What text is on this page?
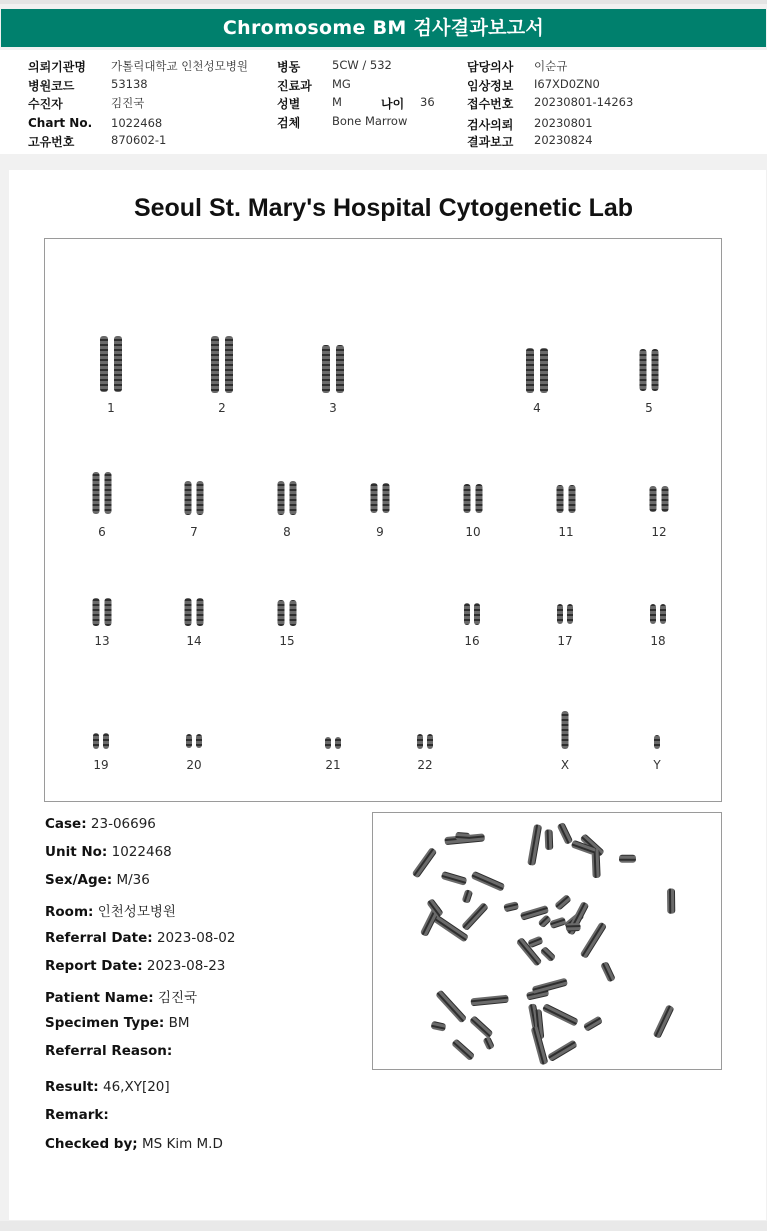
Chromosome BM 검사결과보고서
의뢰기관명 가톨릭대학교 인천성모병원
병원코드	53138
수진자	김진국
Chart No. 1022468
고유번호	870602-1
병동	5CW / 532
진료과 MG
성별	M	나이 36
검체	Bone Marrow
담당의사 이순규
임상정보 I67XD0ZN0
접수번호 20230801-14263
검사의뢰 20230801
결과보고 20230824
Seoul St. Mary's Hospital Cytogenetic Lab
1	2	3	4	5
6	7	8	9	10	11	12
13	14	15	16	17	18
19	20	21	22	X	Y
Case: 23-06696
Unit No: 1022468
Sex/Age: M/36
Room: 인천성모병원
Referral Date: 2023-08-02
Report Date: 2023-08-23
Patient Name: 김진국
Specimen Type: BM
Referral Reason:
Result: 46,XY[20]
Remark:
Checked by; MS Kim M.D
